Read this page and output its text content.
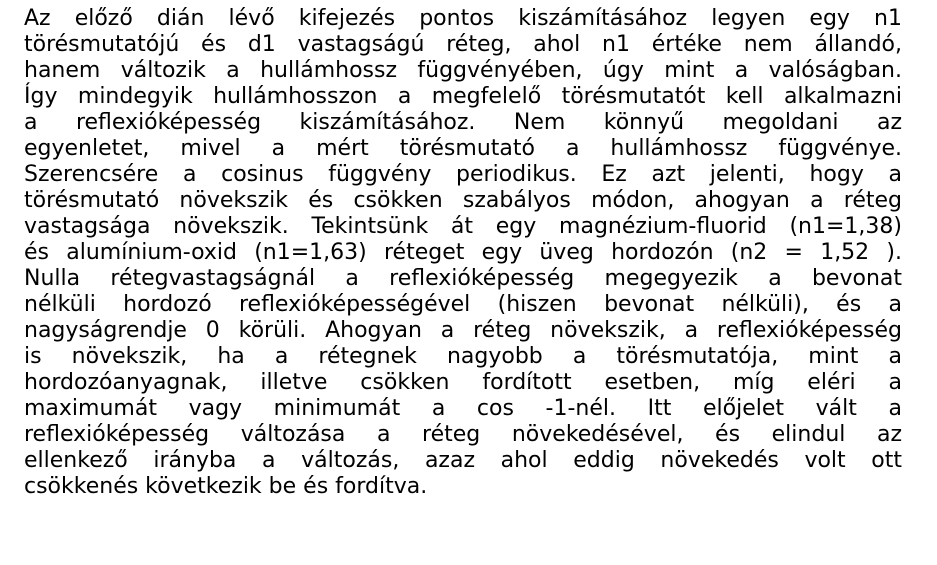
Az előző dián lévő kifejezés pontos kiszámításához legyen egy n1
törésmutatójú és d1 vastagságú réteg, ahol n1 értéke nem állandó,
hanem változik a hullámhossz függvényében, úgy mint a valóságban.
Így mindegyik hullámhosszon a megfelelő törésmutatót kell alkalmazni
a reflexióképesség kiszámításához. Nem könnyű megoldani az
egyenletet, mivel a mért törésmutató a hullámhossz függvénye.
Szerencsére a cosinus függvény periodikus. Ez azt jelenti, hogy a
törésmutató növekszik és csökken szabályos módon, ahogyan a réteg
vastagsága növekszik. Tekintsünk át egy magnézium-fluorid (n1=1,38)
és alumínium-oxid (n1=1,63) réteget egy üveg hordozón (n2 = 1,52 ).
Nulla rétegvastagságnál a reflexióképesség megegyezik a bevonat
nélküli hordozó reflexióképességével (hiszen bevonat nélküli), és a
nagyságrendje 0 körüli. Ahogyan a réteg növekszik, a reflexióképesség
is növekszik, ha a rétegnek nagyobb a törésmutatója, mint a
hordozóanyagnak, illetve csökken fordított esetben, míg eléri a
maximumát vagy minimumát a cos -1-nél. Itt előjelet vált a
reflexióképesség változása a réteg növekedésével, és elindul az
ellenkező irányba a változás, azaz ahol eddig növekedés volt ott
csökkenés következik be és fordítva.
